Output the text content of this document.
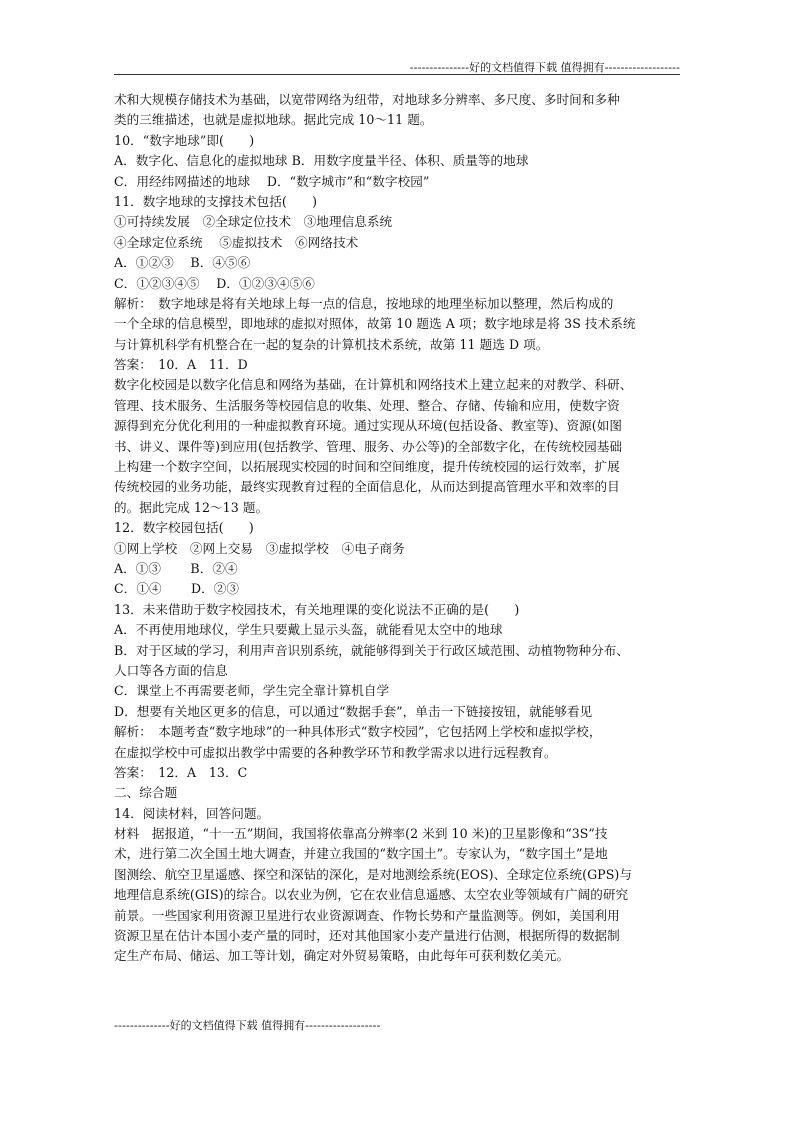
---------------好的文档值得下载 值得拥有-------------------
术和大规模存储技术为基础，以宽带网络为纽带，对地球多分辨率、多尺度、多时间和多种
类的三维描述，也就是虚拟地球。据此完成 10～11 题。
10．“数字地球”即(　　)
A．数字化、信息化的虚拟地球 B．用数字度量半径、体积、质量等的地球
C．用经纬网描述的地球　 D．“数字城市”和“数字校园”
11．数字地球的支撑技术包括(　　)
①可持续发展　②全球定位技术　③地理信息系统
④全球定位系统　 ⑤虚拟技术　⑥网络技术
A．①②③　 B．④⑤⑥
C．①②③④⑤　 D．①②③④⑤⑥
解析：　数字地球是将有关地球上每一点的信息，按地球的地理坐标加以整理，然后构成的
一个全球的信息模型，即地球的虚拟对照体，故第 10 题选 A 项；数字地球是将 3S 技术系统
与计算机科学有机整合在一起的复杂的计算机技术系统，故第 11 题选 D 项。
答案：　10．A　11．D
数字化校园是以数字化信息和网络为基础，在计算机和网络技术上建立起来的对教学、科研、
管理、技术服务、生活服务等校园信息的收集、处理、整合、存储、传输和应用，使数字资
源得到充分优化利用的一种虚拟教育环境。通过实现从环境(包括设备、教室等)、资源(如图
书、讲义、课件等)到应用(包括教学、管理、服务、办公等)的全部数字化，在传统校园基础
上构建一个数字空间，以拓展现实校园的时间和空间维度，提升传统校园的运行效率，扩展
传统校园的业务功能，最终实现教育过程的全面信息化，从而达到提高管理水平和效率的目
的。据此完成 12～13 题。
12．数字校园包括(　　)
①网上学校　②网上交易　③虚拟学校　④电子商务
A．①③　　 B．②④
C．①④　　 D．②③
13．未来借助于数字校园技术，有关地理课的变化说法不正确的是(　　)
A．不再使用地球仪，学生只要戴上显示头盔，就能看见太空中的地球
B．对于区域的学习，利用声音识别系统，就能够得到关于行政区域范围、动植物物种分布、
人口等各方面的信息
C．课堂上不再需要老师，学生完全靠计算机自学
D．想要有关地区更多的信息，可以通过“数据手套”，单击一下链接按钮，就能够看见
解析：　本题考查“数字地球”的一种具体形式“数字校园”，它包括网上学校和虚拟学校，
在虚拟学校中可虚拟出教学中需要的各种教学环节和教学需求以进行远程教育。
答案：　12．A　13．C
二、综合题
14．阅读材料，回答问题。
材料　据报道，“十一五”期间，我国将依靠高分辨率(2 米到 10 米)的卫星影像和“3S”技
术，进行第二次全国土地大调查，并建立我国的“数字国土”。专家认为，“数字国土”是地
图测绘、航空卫星遥感、探空和深钻的深化，是对地测绘系统(EOS)、全球定位系统(GPS)与
地理信息系统(GIS)的综合。以农业为例，它在农业信息遥感、太空农业等领域有广阔的研究
前景。一些国家利用资源卫星进行农业资源调查、作物长势和产量监测等。例如，美国利用
资源卫星在估计本国小麦产量的同时，还对其他国家小麦产量进行估测，根据所得的数据制
定生产布局、储运、加工等计划，确定对外贸易策略，由此每年可获利数亿美元。
--------------好的文档值得下载 值得拥有-------------------
